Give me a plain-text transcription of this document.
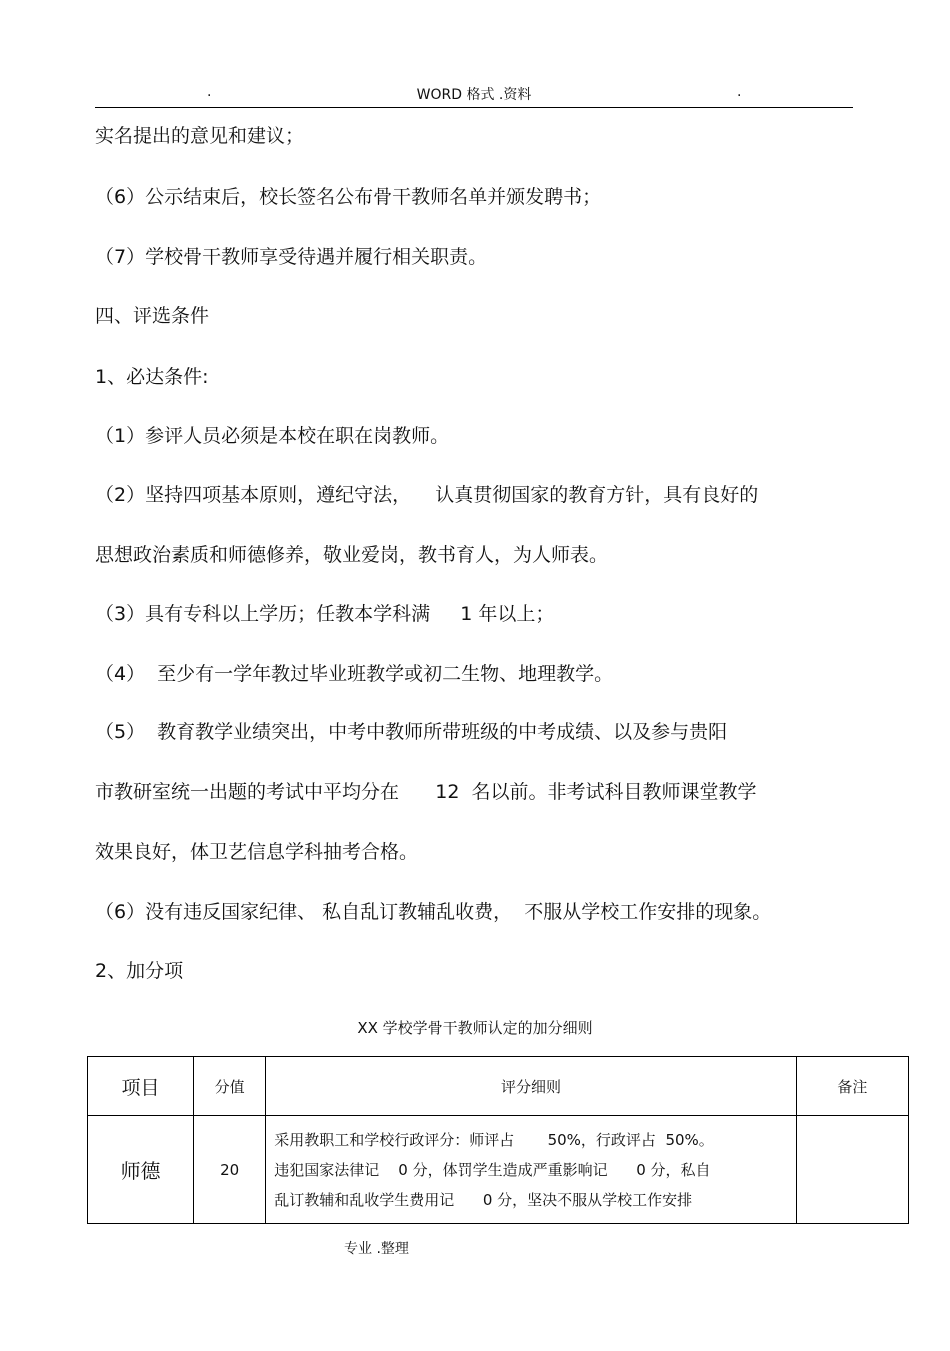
.	WORD 格式 .资料	.
实名提出的意见和建议；
（6）公示结束后，校长签名公布骨干教师名单并颁发聘书；
（7）学校骨干教师享受待遇并履行相关职责。
四、评选条件
1、必达条件:
（1）参评人员必须是本校在职在岗教师。
（2）坚持四项基本原则，遵纪守法，    认真贯彻国家的教育方针，具有良好的
思想政治素质和师德修养，敬业爱岗，教书育人，为人师表。
（3）具有专科以上学历；任教本学科满     1 年以上；
（4）  至少有一学年教过毕业班教学或初二生物、地理教学。
（5）  教育教学业绩突出，中考中教师所带班级的中考成绩、以及参与贵阳
市教研室统一出题的考试中平均分在      12  名以前。非考试科目教师课堂教学
效果良好，体卫艺信息学科抽考合格。
（6）没有违反国家纪律、 私自乱订教辅乱收费，  不服从学校工作安排的现象。
2、加分项
XX 学校学骨干教师认定的加分细则
项目	分值	评分细则	备注
师德	20	采用教职工和学校行政评分：师评占       50%，行政评占  50%。
违犯国家法律记    0 分，体罚学生造成严重影响记      0 分，私自
乱订教辅和乱收学生费用记      0 分，坚决不服从学校工作安排	

专业 .整理
